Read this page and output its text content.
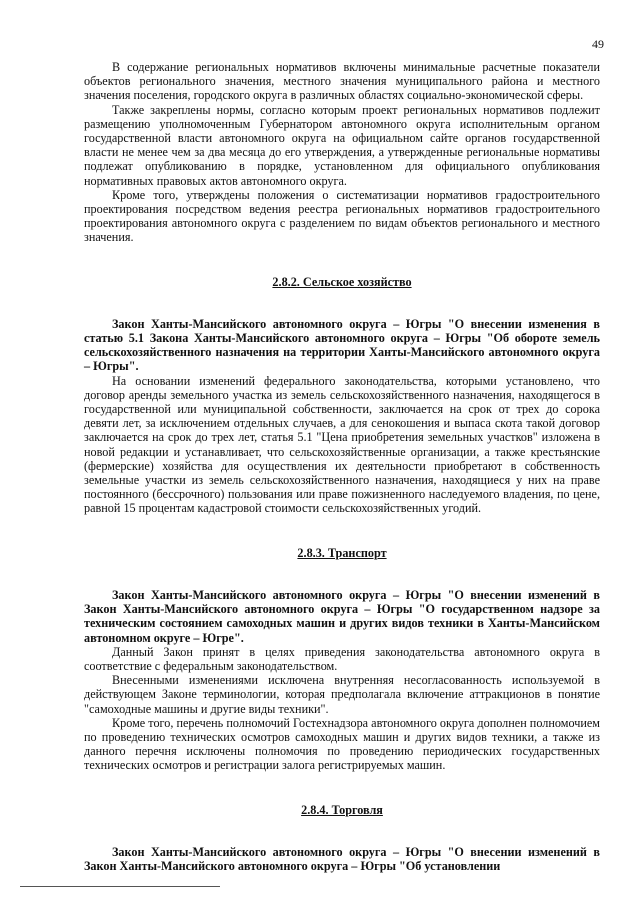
49

В содержание региональных нормативов включены минимальные расчетные показатели объектов регионального значения, местного значения муниципального района и местного значения поселения, городского округа в различных областях социально-экономической сферы.

Также закреплены нормы, согласно которым проект региональных нормативов подлежит размещению уполномоченным Губернатором автономного округа исполнительным органом государственной власти автономного округа на официальном сайте органов государственной власти не менее чем за два месяца до его утверждения, а утвержденные региональные нормативы подлежат опубликованию в порядке, установленном для официального опубликования нормативных правовых актов автономного округа.

Кроме того, утверждены положения о систематизации нормативов градостроительного проектирования посредством ведения реестра региональных нормативов градостроительного проектирования автономного округа с разделением по видам объектов регионального и местного значения.

2.8.2. Сельское хозяйство

Закон Ханты-Мансийского автономного округа – Югры "О внесении изменения в статью 5.1 Закона Ханты-Мансийского автономного округа – Югры "Об обороте земель сельскохозяйственного назначения на территории Ханты-Мансийского автономного округа – Югры".

На основании изменений федерального законодательства, которыми установлено, что договор аренды земельного участка из земель сельскохозяйственного назначения, находящегося в государственной или муниципальной собственности, заключается на срок от трех до сорока девяти лет, за исключением отдельных случаев, а для сенокошения и выпаса скота такой договор заключается на срок до трех лет, статья 5.1 "Цена приобретения земельных участков" изложена в новой редакции и устанавливает, что сельскохозяйственные организации, а также крестьянские (фермерские) хозяйства для осуществления их деятельности приобретают в собственность земельные участки из земель сельскохозяйственного назначения, находящиеся у них на праве постоянного (бессрочного) пользования или праве пожизненного наследуемого владения, по цене, равной 15 процентам кадастровой стоимости сельскохозяйственных угодий.

2.8.3. Транспорт

Закон Ханты-Мансийского автономного округа – Югры "О внесении изменений в Закон Ханты-Мансийского автономного округа – Югры "О государственном надзоре за техническим состоянием самоходных машин и других видов техники в Ханты-Мансийском автономном округе – Югре".

Данный Закон принят в целях приведения законодательства автономного округа в соответствие с федеральным законодательством.

Внесенными изменениями исключена внутренняя несогласованность используемой в действующем Законе терминологии, которая предполагала включение аттракционов в понятие "самоходные машины и другие виды техники".

Кроме того, перечень полномочий Гостехнадзора автономного округа дополнен полномочием по проведению технических осмотров самоходных машин и других видов техники, а также из данного перечня исключены полномочия по проведению периодических государственных технических осмотров и регистрации залога регистрируемых машин.

2.8.4. Торговля

Закон Ханты-Мансийского автономного округа – Югры "О внесении изменений в Закон Ханты-Мансийского автономного округа – Югры "Об установлении
